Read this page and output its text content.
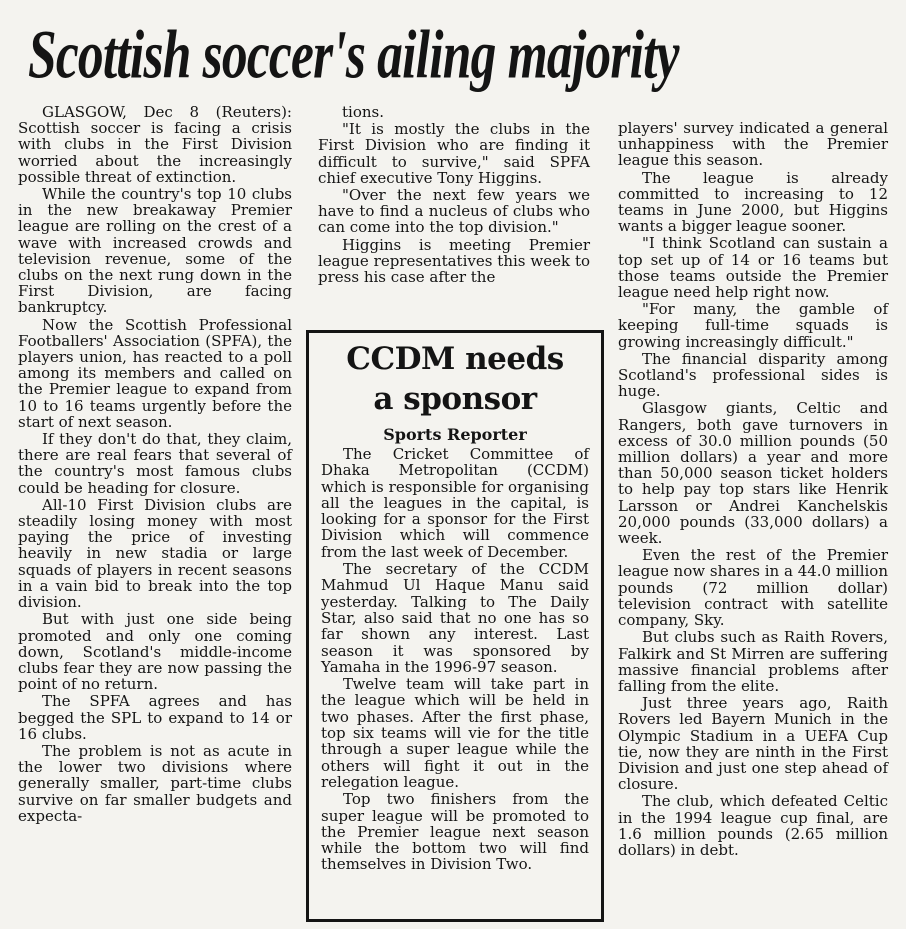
Scottish soccer's ailing majority

GLASGOW, Dec 8 (Reuters): Scottish soccer is facing a crisis with clubs in the First Division worried about the increasingly possible threat of extinction.

While the country's top 10 clubs in the new breakaway Premier league are rolling on the crest of a wave with increased crowds and television revenue, some of the clubs on the next rung down in the First Division, are facing bankruptcy.

Now the Scottish Professional Footballers' Association (SPFA), the players union, has reacted to a poll among its members and called on the Premier league to expand from 10 to 16 teams urgently before the start of next season.

If they don't do that, they claim, there are real fears that several of the country's most famous clubs could be heading for closure.

All-10 First Division clubs are steadily losing money with most paying the price of investing heavily in new stadia or large squads of players in recent seasons in a vain bid to break into the top division.

But with just one side being promoted and only one coming down, Scotland's middle-income clubs fear they are now passing the point of no return.

The SPFA agrees and has begged the SPL to expand to 14 or 16 clubs.

The problem is not as acute in the lower two divisions where generally smaller, part-time clubs survive on far smaller budgets and expecta-

tions.

"It is mostly the clubs in the First Division who are finding it difficult to survive," said SPFA chief executive Tony Higgins.

"Over the next few years we have to find a nucleus of clubs who can come into the top division."

Higgins is meeting Premier league representatives this week to press his case after the

CCDM needs
a sponsor
Sports Reporter

The Cricket Committee of Dhaka Metropolitan (CCDM) which is responsible for organising all the leagues in the capital, is looking for a sponsor for the First Division which will commence from the last week of December.

The secretary of the CCDM Mahmud Ul Haque Manu said yesterday. Talking to The Daily Star, also said that no one has so far shown any interest. Last season it was sponsored by Yamaha in the 1996-97 season.

Twelve team will take part in the league which will be held in two phases. After the first phase, top six teams will vie for the title through a super league while the others will fight it out in the relegation league.

Top two finishers from the super league will be promoted to the Premier league next season while the bottom two will find themselves in Division Two.

players' survey indicated a general unhappiness with the Premier league this season.

The league is already committed to increasing to 12 teams in June 2000, but Higgins wants a bigger league sooner.

"I think Scotland can sustain a top set up of 14 or 16 teams but those teams outside the Premier league need help right now.

"For many, the gamble of keeping full-time squads is growing increasingly difficult."

The financial disparity among Scotland's professional sides is huge.

Glasgow giants, Celtic and Rangers, both gave turnovers in excess of 30.0 million pounds (50 million dollars) a year and more than 50,000 season ticket holders to help pay top stars like Henrik Larsson or Andrei Kanchelskis 20,000 pounds (33,000 dollars) a week.

Even the rest of the Premier league now shares in a 44.0 million pounds (72 million dollar) television contract with satellite company, Sky.

But clubs such as Raith Rovers, Falkirk and St Mirren are suffering massive financial problems after falling from the elite.

Just three years ago, Raith Rovers led Bayern Munich in the Olympic Stadium in a UEFA Cup tie, now they are ninth in the First Division and just one step ahead of closure.

The club, which defeated Celtic in the 1994 league cup final, are 1.6 million pounds (2.65 million dollars) in debt.
